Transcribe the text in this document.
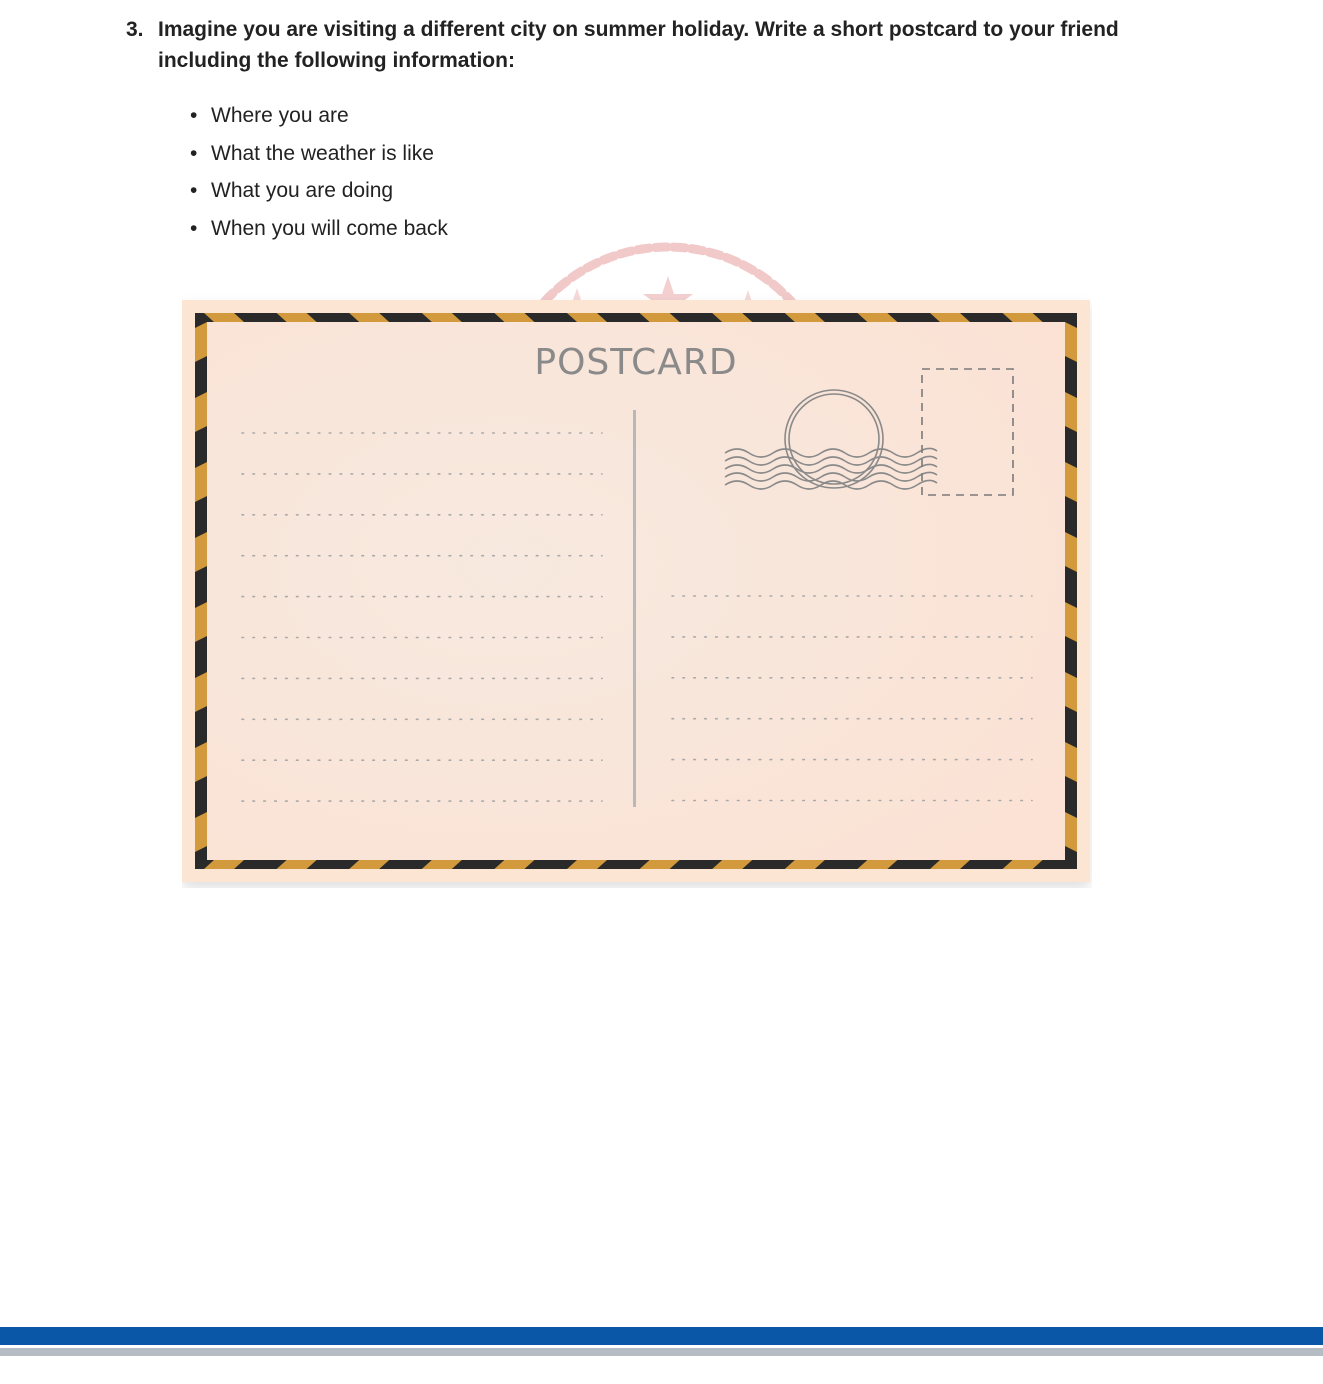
3. Imagine you are visiting a different city on summer holiday. Write a short postcard to your friend including the following information:
• Where you are
• What the weather is like
• What you are doing
• When you will come back
POSTCARD
